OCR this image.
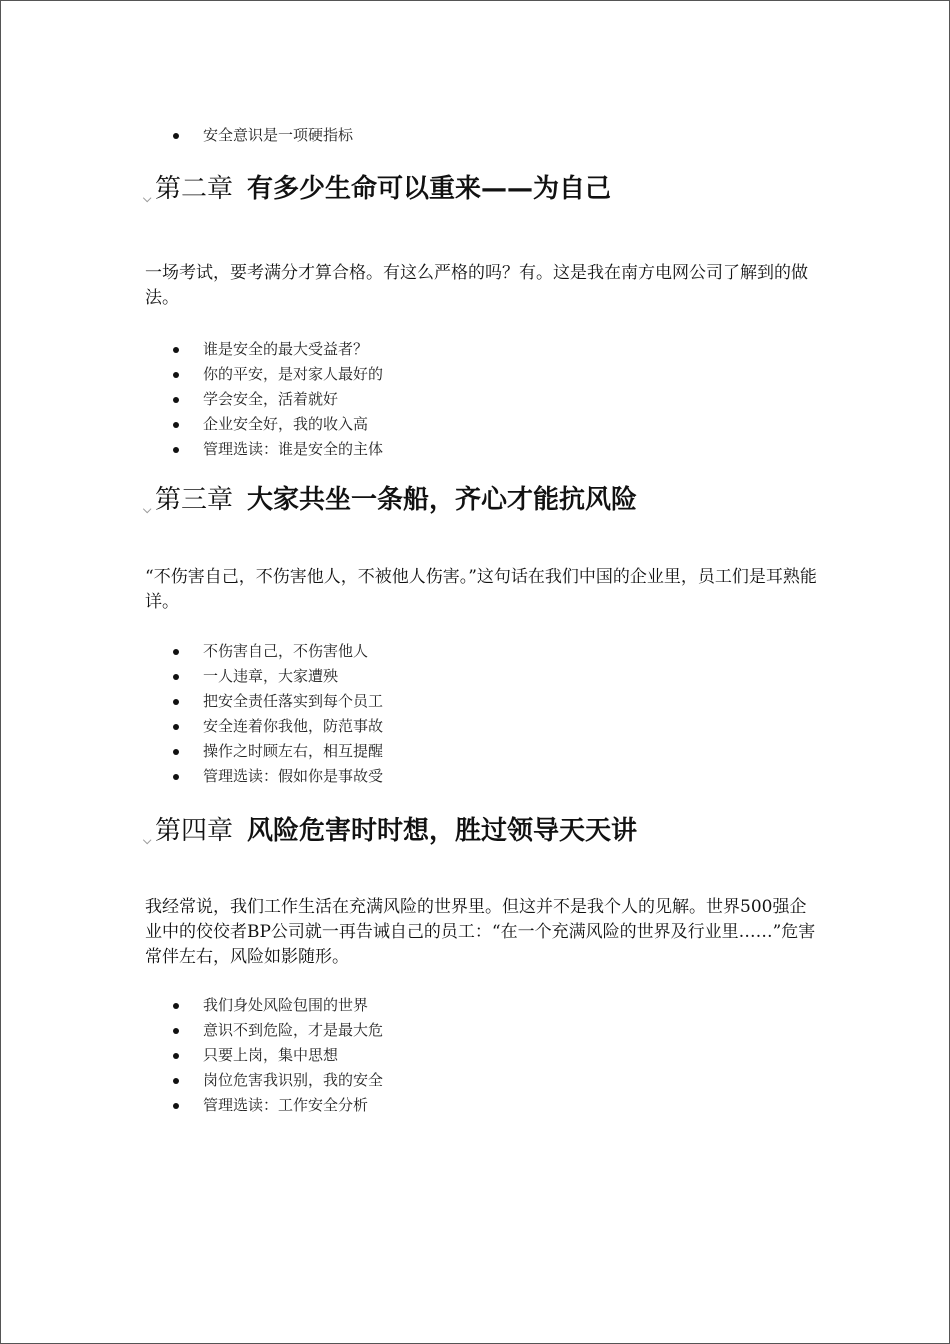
安全意识是一项硬指标
⌵ 第二章 有多少生命可以重来——为自己

一场考试，要考满分才算合格。有这么严格的吗？有。这是我在南方电网公司了解到的做法。

谁是安全的最大受益者？
你的平安，是对家人最好的
学会安全，活着就好
企业安全好，我的收入高
管理选读：谁是安全的主体
⌵ 第三章 大家共坐一条船，齐心才能抗风险

“不伤害自己，不伤害他人，不被他人伤害。”这句话在我们中国的企业里，员工们是耳熟能详。

不伤害自己，不伤害他人
一人违章，大家遭殃
把安全责任落实到每个员工
安全连着你我他，防范事故
操作之时顾左右，相互提醒
管理选读：假如你是事故受
⌵ 第四章 风险危害时时想，胜过领导天天讲

我经常说，我们工作生活在充满风险的世界里。但这并不是我个人的见解。世界500强企业中的佼佼者BP公司就一再告诫自己的员工：“在一个充满风险的世界及行业里……”危害常伴左右，风险如影随形。

我们身处风险包围的世界
意识不到危险，才是最大危
只要上岗，集中思想
岗位危害我识别，我的安全
管理选读：工作安全分析
